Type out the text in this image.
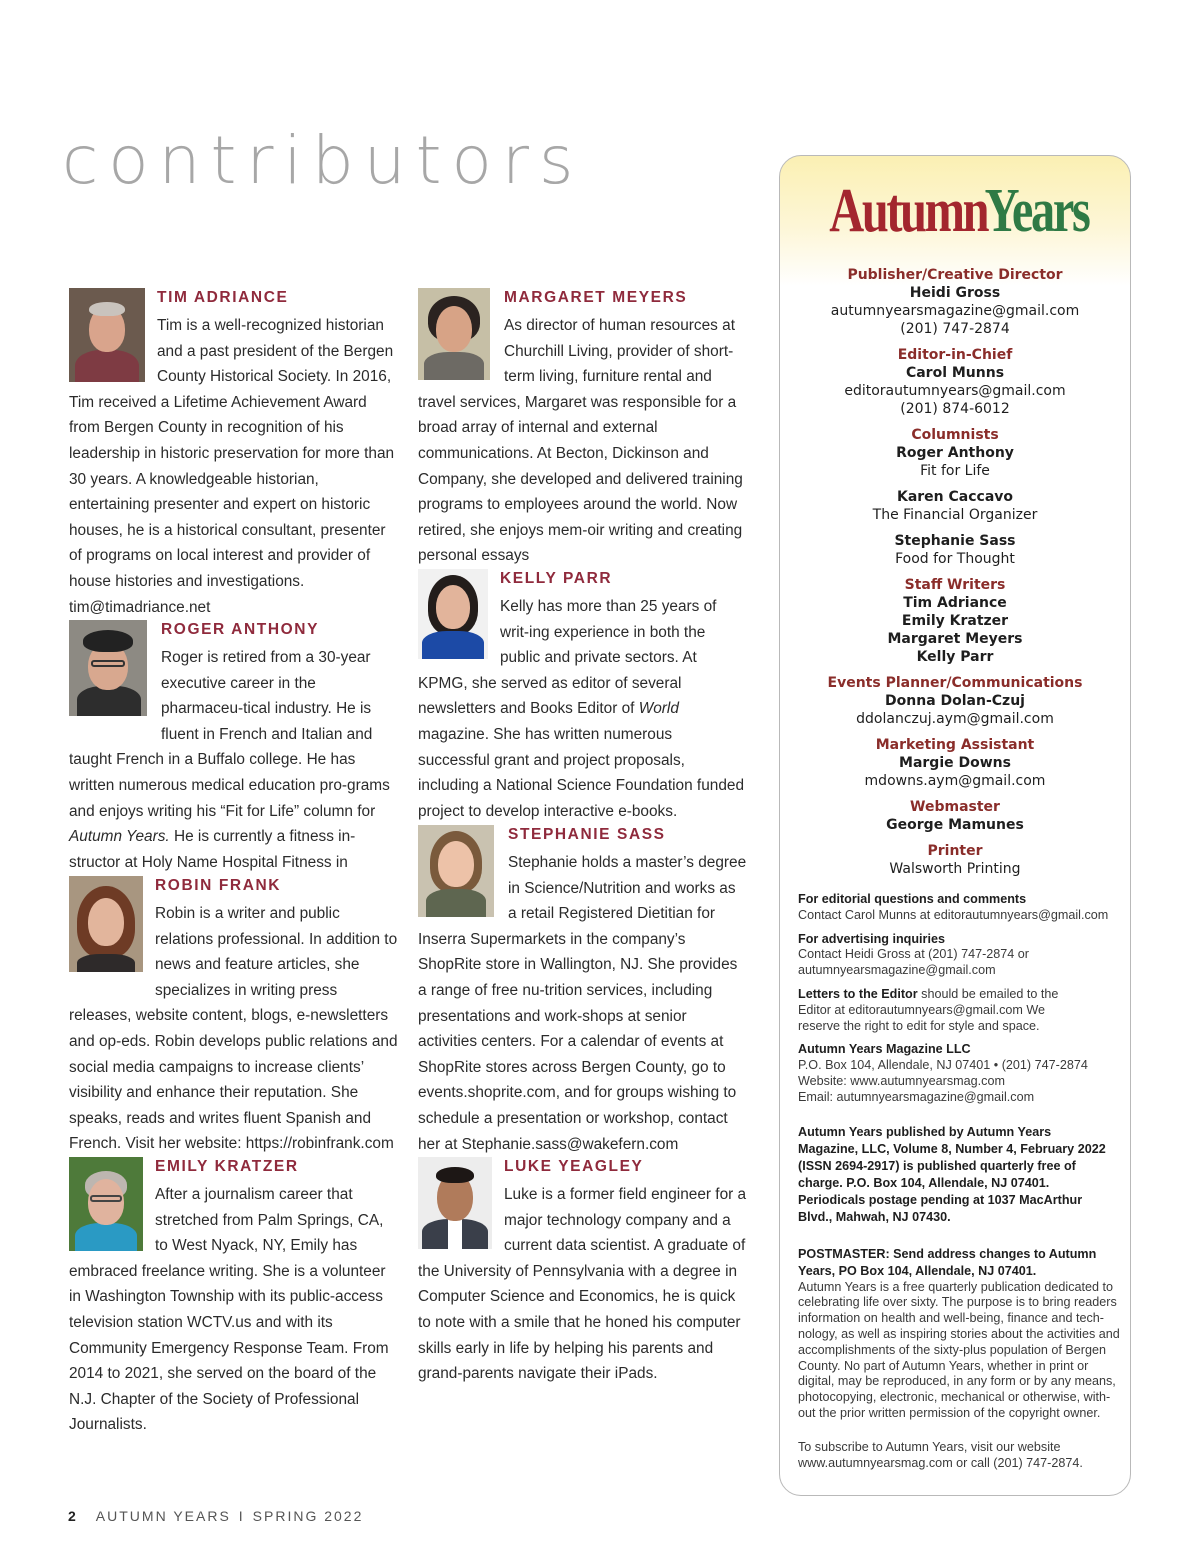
contributors
TIM ADRIANCE

Tim is a well-recognized historian and a past president of the Bergen County Historical Society. In 2016, Tim received a Lifetime Achievement Award from Bergen County in recognition of his leadership in historic preservation for more than 30 years. A knowledgeable historian, entertaining presenter and expert on historic houses, he is a historical consultant, presenter of programs on local interest and provider of house histories and investigations.

tim@timadriance.net

ROGER ANTHONY

Roger is retired from a 30-year executive career in the pharmaceu-tical industry. He is fluent in French and Italian and taught French in a Buffalo college. He has written numerous medical education pro-grams and enjoys writing his “Fit for Life” column for Autumn Years. He is currently a fitness in-structor at Holy Name Hospital Fitness in

ROBIN FRANK

Robin is a writer and public relations professional. In addition to news and feature articles, she specializes in writing press releases, website content, blogs, e-newsletters and op-eds. Robin develops public relations and social media campaigns to increase clients’ visibility and enhance their reputation. She speaks, reads and writes fluent Spanish and French. Visit her website: https://robinfrank.com

EMILY KRATZER

After a journalism career that stretched from Palm Springs, CA, to West Nyack, NY, Emily has embraced freelance writing. She is a volunteer in Washington Township with its public-access television station WCTV.us and with its Community Emergency Response Team. From 2014 to 2021, she served on the board of the N.J. Chapter of the Society of Professional Journalists.

MARGARET MEYERS

As director of human resources at Churchill Living, provider of short-term living, furniture rental and travel services, Margaret was responsible for a broad array of internal and external communications. At Becton, Dickinson and Company, she developed and delivered training programs to employees around the world. Now retired, she enjoys mem-oir writing and creating personal essays

KELLY PARR

Kelly has more than 25 years of writ-ing experience in both the public and private sectors. At KPMG, she served as editor of several newsletters and Books Editor of World magazine. She has written numerous successful grant and project proposals, including a National Science Foundation funded project to develop interactive e-books.

STEPHANIE SASS

Stephanie holds a master’s degree in Science/Nutrition and works as a retail Registered Dietitian for Inserra Supermarkets in the company’s ShopRite store in Wallington, NJ. She provides a range of free nu-trition services, including presentations and work-shops at senior activities centers. For a calendar of events at ShopRite stores across Bergen County, go to events.shoprite.com, and for groups wishing to schedule a presentation or workshop, contact her at Stephanie.sass@wakefern.com

LUKE YEAGLEY

Luke is a former field engineer for a major technology company and a current data scientist. A graduate of the University of Pennsylvania with a degree in Computer Science and Economics, he is quick to note with a smile that he honed his computer skills early in life by helping his parents and grand-parents navigate their iPads.

AutumnYears
Publisher/Creative Director
Heidi Gross
autumnyearsmagazine@gmail.com
(201) 747-2874
Editor-in-Chief
Carol Munns
editorautumnyears@gmail.com
(201) 874-6012
Columnists
Roger Anthony
Fit for Life
Karen Caccavo
The Financial Organizer
Stephanie Sass
Food for Thought
Staff Writers
Tim Adriance
Emily Kratzer
Margaret Meyers
Kelly Parr
Events Planner/Communications
Donna Dolan-Czuj
ddolanczuj.aym@gmail.com
Marketing Assistant
Margie Downs
mdowns.aym@gmail.com
Webmaster
George Mamunes
Printer
Walsworth Printing
For editorial questions and comments
Contact Carol Munns at editorautumnyears@gmail.com
For advertising inquiries
Contact Heidi Gross at (201) 747-2874 or autumnyearsmagazine@gmail.com
Letters to the Editor should be emailed to the Editor at editorautumnyears@gmail.com We reserve the right to edit for style and space.
Autumn Years Magazine LLC
P.O. Box 104, Allendale, NJ 07401 • (201) 747-2874
Website: www.autumnyearsmag.com
Email: autumnyearsmagazine@gmail.com
Autumn Years published by Autumn Years Magazine, LLC, Volume 8, Number 4, February 2022 (ISSN 2694-2917) is published quarterly free of charge. P.O. Box 104, Allendale, NJ 07401. Periodicals postage pending at 1037 MacArthur Blvd., Mahwah, NJ 07430.
POSTMASTER: Send address changes to Autumn Years, PO Box 104, Allendale, NJ 07401.
Autumn Years is a free quarterly publication dedicated to celebrating life over sixty. The purpose is to bring readers information on health and well-being, finance and tech-nology, as well as inspiring stories about the activities and accomplishments of the sixty-plus population of Bergen County. No part of Autumn Years, whether in print or digital, may be reproduced, in any form or by any means, photocopying, electronic, mechanical or otherwise, with-out the prior written permission of the copyright owner.
To subscribe to Autumn Years, visit our website www.autumnyearsmag.com or call (201) 747-2874.
2 AUTUMN YEARS I SPRING 2022
